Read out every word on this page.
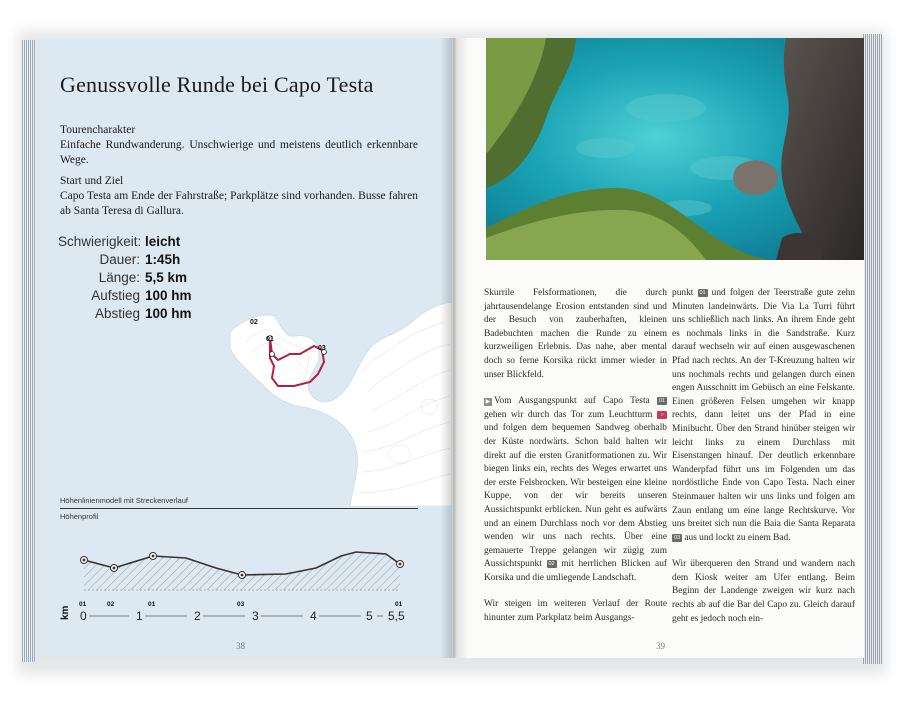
Genussvolle Runde bei Capo Testa
Tourencharakter
Einfache Rundwanderung. Unschwierige und meistens deutlich erkennbare Wege.
Start und Ziel
Capo Testa am Ende der Fahrstraße; Parkplätze sind vorhanden. Busse fahren ab Santa Teresa di Gallura.
Schwierigkeit: leicht
Dauer: 1:45h
Länge: 5,5 km
Aufstieg 100 hm
Abstieg 100 hm
02
01
03
Höhenlinienmodell mit Streckenverlauf
Höhenprofil
01	02	01	03	01
km 0	1	2	3	4	5 5,5
38

Skurrile Felsformationen, die durch jahrtausendelange Erosion entstanden sind und der Besuch von zauberhaften, kleinen Badebuchten machen die Runde zu einem kurzweiligen Erlebnis. Das nahe, aber mental doch so ferne Korsika rückt immer wieder in unser Blickfeld.

▶ Vom Ausgangspunkt auf Capo Testa 01 gehen wir durch das Tor zum Leuchtturm ○ und folgen dem bequemen Sandweg oberhalb der Küste nordwärts. Schon bald halten wir direkt auf die ersten Granitformationen zu. Wir biegen links ein, rechts des Weges erwartet uns der erste Felsbrocken. Wir besteigen eine kleine Kuppe, von der wir bereits unseren Aussichtspunkt erblicken. Nun geht es aufwärts und an einem Durchlass noch vor dem Abstieg wenden wir uns nach rechts. Über eine gemauerte Treppe gelangen wir zügig zum Aussichtspunkt 02 mit herrlichen Blicken auf Korsika und die umliegende Landschaft.

Wir steigen im weiteren Verlauf der Route hinunter zum Parkplatz beim Ausgangs-

punkt 01 und folgen der Teerstraße gute zehn Minuten landeinwärts. Die Via La Turri führt uns schließlich nach links. An ihrem Ende geht es nochmals links in die Sandstraße. Kurz darauf wechseln wir auf einen ausgewaschenen Pfad nach rechts. An der T-Kreuzung halten wir uns nochmals rechts und gelangen durch einen engen Ausschnitt im Gebüsch an eine Felskante. Einen größeren Felsen umgehen wir knapp rechts, dann leitet uns der Pfad in eine Minibucht. Über den Strand hinüber steigen wir leicht links zu einem Durchlass mit Eisenstangen hinauf. Der deutlich erkennbare Wanderpfad führt uns im Folgenden um das nordöstliche Ende von Capo Testa. Nach einer Steinmauer halten wir uns links und folgen am Zaun entlang um eine lange Rechtskurve. Vor uns breitet sich nun die Baia die Santa Reparata 03 aus und lockt zu einem Bad.

Wir überqueren den Strand und wandern nach dem Kiosk weiter am Ufer entlang. Beim Beginn der Landenge zweigen wir kurz nach rechts ab auf die Bar del Capo zu. Gleich darauf geht es jedoch noch ein-

39
